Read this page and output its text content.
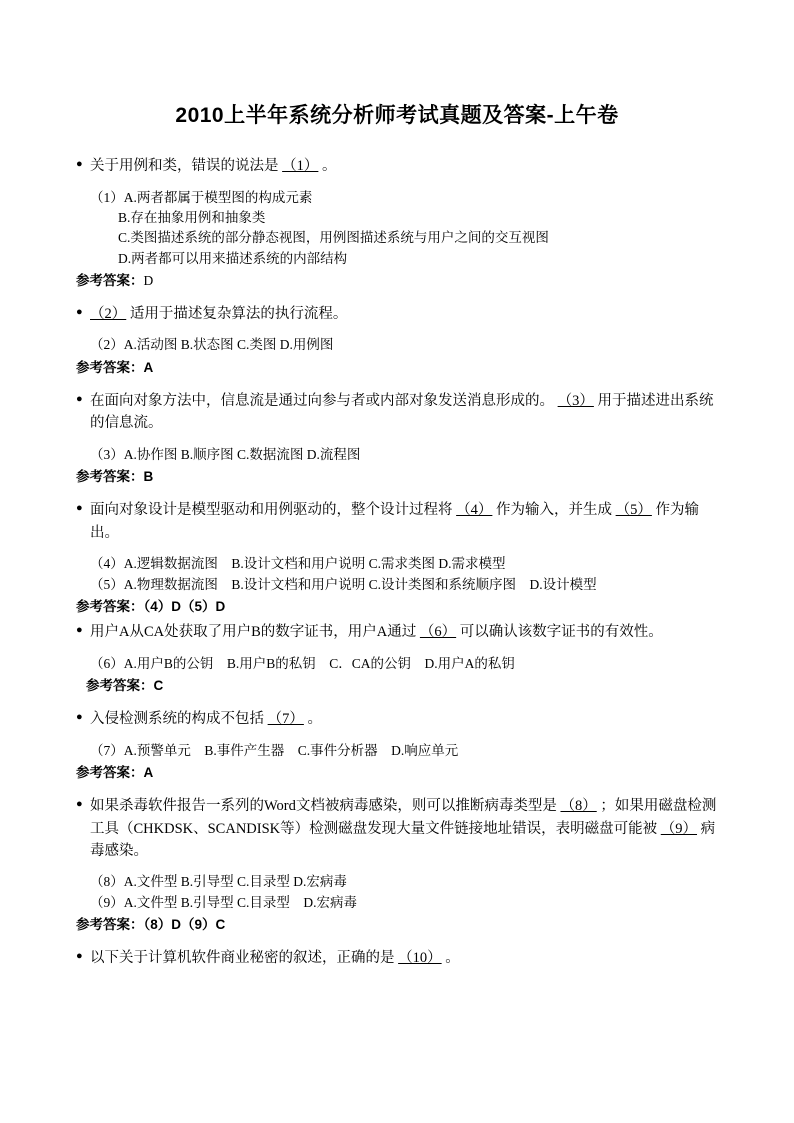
2010上半年系统分析师考试真题及答案-上午卷
● 关于用例和类，错误的说法是 （1） 。
（1）A.两者都属于模型图的构成元素
B.存在抽象用例和抽象类
C.类图描述系统的部分静态视图，用例图描述系统与用户之间的交互视图
D.两者都可以用来描述系统的内部结构
参考答案：D
● （2） 适用于描述复杂算法的执行流程。
（2）A.活动图 B.状态图 C.类图 D.用例图
参考答案：A
● 在面向对象方法中，信息流是通过向参与者或内部对象发送消息形成的。 （3） 用于描述进出系统的信息流。
（3）A.协作图 B.顺序图 C.数据流图 D.流程图
参考答案：B
● 面向对象设计是模型驱动和用例驱动的，整个设计过程将 （4） 作为输入，并生成 （5） 作为输出。
（4）A.逻辑数据流图　B.设计文档和用户说明 C.需求类图 D.需求模型
（5）A.物理数据流图　B.设计文档和用户说明 C.设计类图和系统顺序图　D.设计模型
参考答案：（4）D（5）D
● 用户A从CA处获取了用户B的数字证书，用户A通过 （6） 可以确认该数字证书的有效性。
（6）A.用户B的公钥　B.用户B的私钥　C．CA的公钥　D.用户A的私钥
参考答案：C
● 入侵检测系统的构成不包括 （7） 。
（7）A.预警单元　B.事件产生器　C.事件分析器　D.响应单元
参考答案：A
● 如果杀毒软件报告一系列的Word文档被病毒感染，则可以推断病毒类型是 （8） ；如果用磁盘检测工具（CHKDSK、SCANDISK等）检测磁盘发现大量文件链接地址错误，表明磁盘可能被 （9） 病毒感染。
（8）A.文件型 B.引导型 C.目录型 D.宏病毒
（9）A.文件型 B.引导型 C.目录型　D.宏病毒
参考答案：（8）D（9）C
● 以下关于计算机软件商业秘密的叙述，正确的是 （10） 。
